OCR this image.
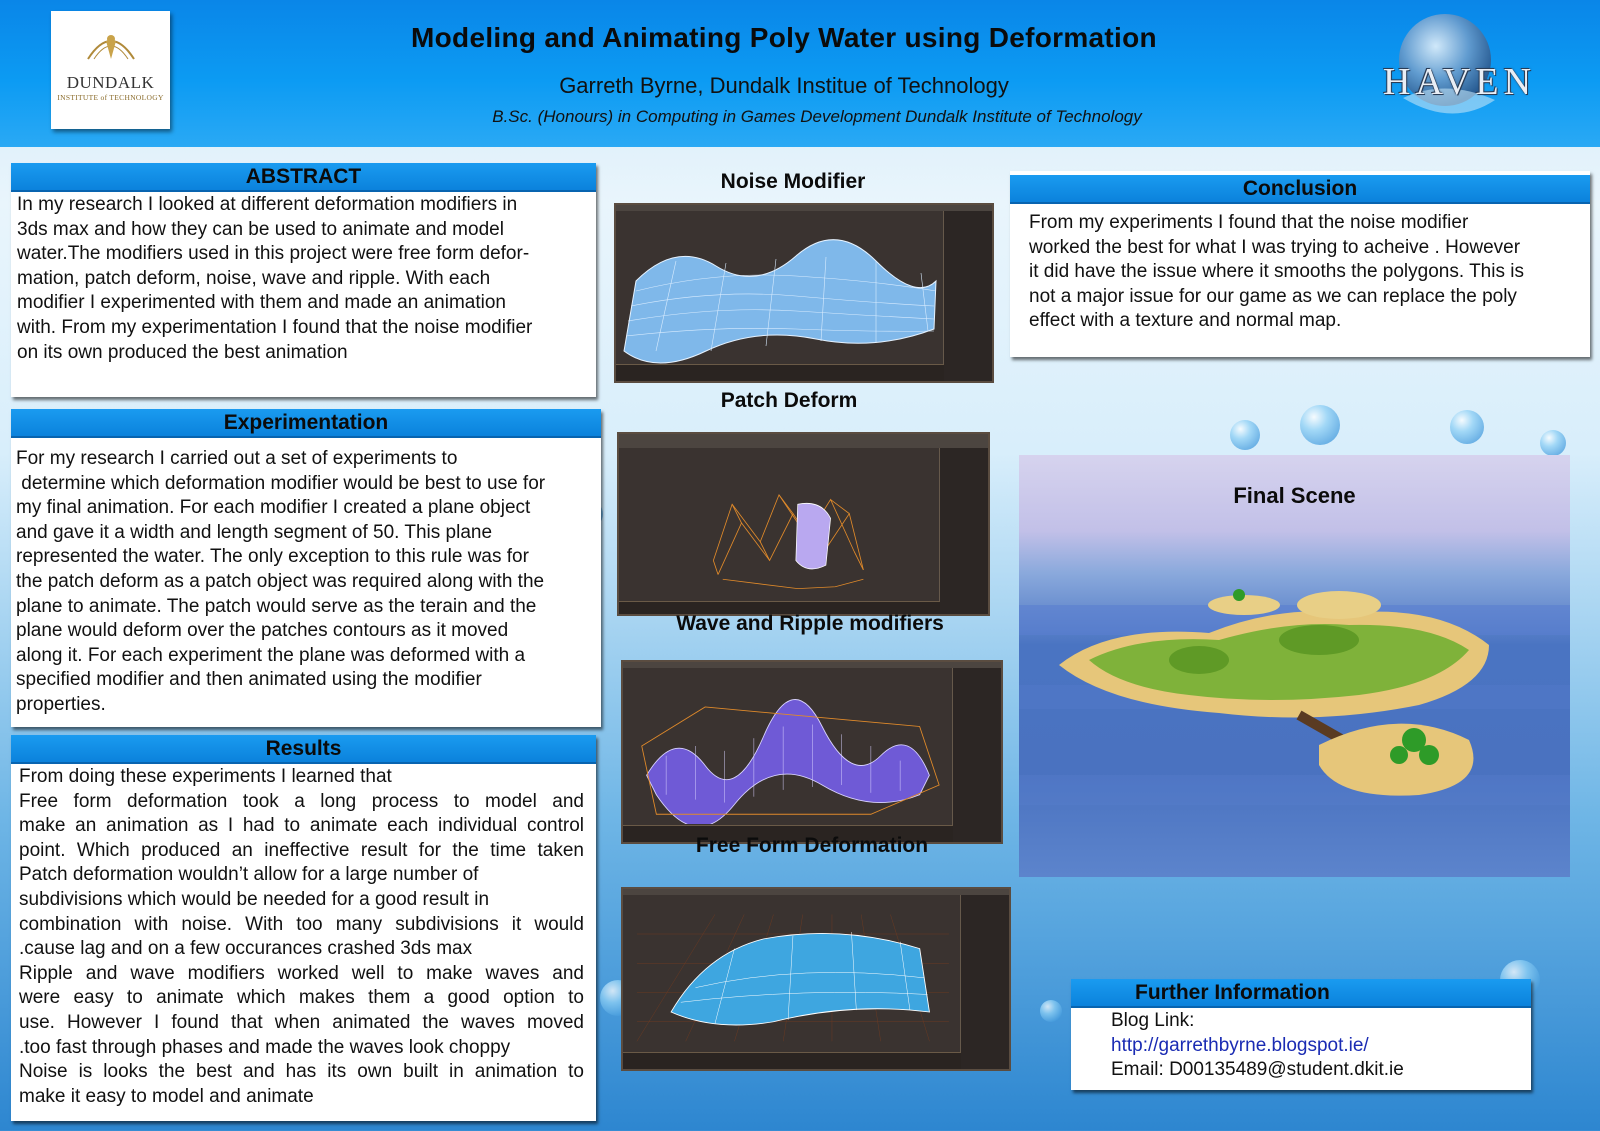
DUNDALK
INSTITUTE of TECHNOLOGY
Modeling and Animating Poly Water using Deformation
Garreth Byrne, Dundalk Institue of Technology
B.Sc. (Honours) in Computing in Games Development Dundalk Institute of Technology
HAVEN
ABSTRACT
In my research I looked at different deformation modifiers in
3ds max and how they can be used to animate and model
water.The modifiers used in this project were free form defor-
mation, patch deform, noise, wave and ripple. With each
modifier I experimented with them and made an animation
with. From my experimentation I found that the noise modifier
on its own produced the best animation
Experimentation
For my research I carried out a set of experiments to
determine which deformation modifier would be best to use for
my final animation. For each modifier I created a plane object
and gave it a width and length segment of 50. This plane
represented the water. The only exception to this rule was for
the patch deform as a patch object was required along with the
plane to animate. The patch would serve as the terain and the
plane would deform over the patches contours as it moved
along it. For each experiment the plane was deformed with a
specified modifier and then animated using the modifier
properties.
Results
From doing these experiments I learned that
Free form deformation took a long process to model and
make an animation as I had to animate each individual control
point. Which produced an ineffective result for the time taken
Patch deformation wouldn’t allow for a large number of
subdivisions which would be needed for a good result in
combination with noise. With too many subdivisions it would
.cause lag and on a few occurances crashed 3ds max
Ripple and wave modifiers worked well to make waves and
were easy to animate which makes them a good option to
use. However I found that when animated the waves moved
.too fast through phases and made the waves look choppy
Noise is looks the best and has its own built in animation to
make it easy to model and animate
Noise Modifier
Patch Deform
Wave and Ripple modifiers
Free Form Deformation
Conclusion
From my experiments I found that the noise modifier
worked the best for what I was trying to acheive . However
it did have the issue where it smooths the polygons. This is
not a major issue for our game as we can replace the poly
effect with a texture and normal map.
Final Scene
Further Information
Blog Link:
http://garrethbyrne.blogspot.ie/
Email: D00135489@student.dkit.ie
